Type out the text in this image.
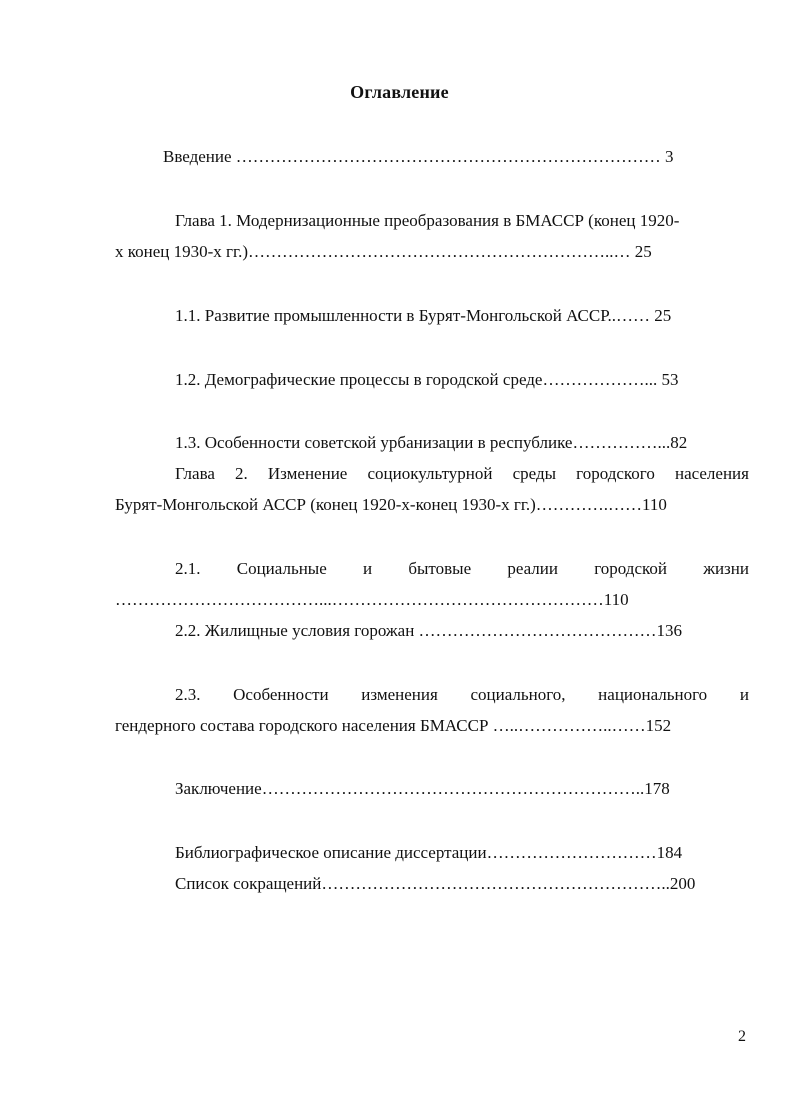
Оглавление
Введение ………………………………………………………………… 3
Глава 1. Модернизационные преобразования в БМАССР (конец 1920-
х конец 1930-х гг.)………………………………………………………..… 25
1.1. Развитие промышленности в Бурят-Монгольской АССР..…… 25
1.2. Демографические процессы в городской среде………………... 53
1.3. Особенности советской урбанизации в республике……………...82
Глава 2. Изменение социокультурной среды городского населения
Бурят-Монгольской АССР (конец 1920-х-конец 1930-х гг.)………….……110
2.1. Социальные и бытовые реалии городской жизни
………………………………...…………………………………………110
2.2. Жилищные условия горожан ……………………………………136
2.3. Особенности изменения социального, национального и
гендерного состава городского населения БМАССР …..……………..……152
Заключение…………………………………………………………..178
Библиографическое описание диссертации…………………………184
Список сокращений……………………………………………………..200
2
